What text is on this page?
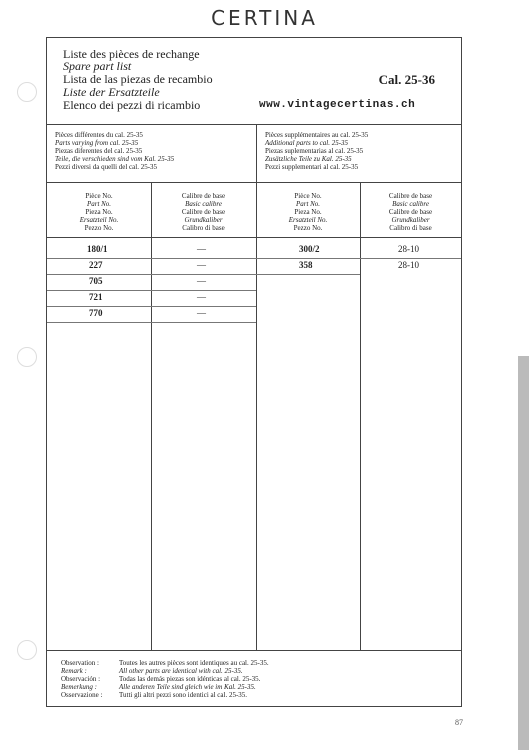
CERTINA
Liste des pièces de rechange
Spare part list
Lista de las piezas de recambio
Liste der Ersatzteile
Elenco dei pezzi di ricambio
Cal. 25-36
www.vintagecertinas.ch
Pièces différentes du cal. 25-35
Parts varying from cal. 25-35
Piezas diferentes del cal. 25-35
Teile, die verschieden sind vom Kal. 25-35
Pezzi diversi da quelli del cal. 25-35
Pièces supplémentaires au cal. 25-35
Additional parts to cal. 25-35
Piezas suplementarias al cal. 25-35
Zusätzliche Teile zu Kal. 25-35
Pezzi supplementari al cal. 25-35
Pièce No.
Part No.
Pieza No.
Ersatzteil No.
Pezzo No.
Calibre de base
Basic calibre
Calibre de base
Grundkaliber
Calibro di base
Pièce No.
Part No.
Pieza No.
Ersatzteil No.
Pezzo No.
Calibre de base
Basic calibre
Calibre de base
Grundkaliber
Calibro di base
180/1	—
227	—
705	—
721	—
770	—
300/2	28-10
358	28-10
Observation :	Toutes les autres pièces sont identiques au cal. 25-35.
Remark :	All other parts are identical with cal. 25-35.
Observación :	Todas las demás piezas son idénticas al cal. 25-35.
Bemerkung :	Alle anderen Teile sind gleich wie im Kal. 25-35.
Osservazione : Tutti gli altri pezzi sono identici al cal. 25-35.
87
